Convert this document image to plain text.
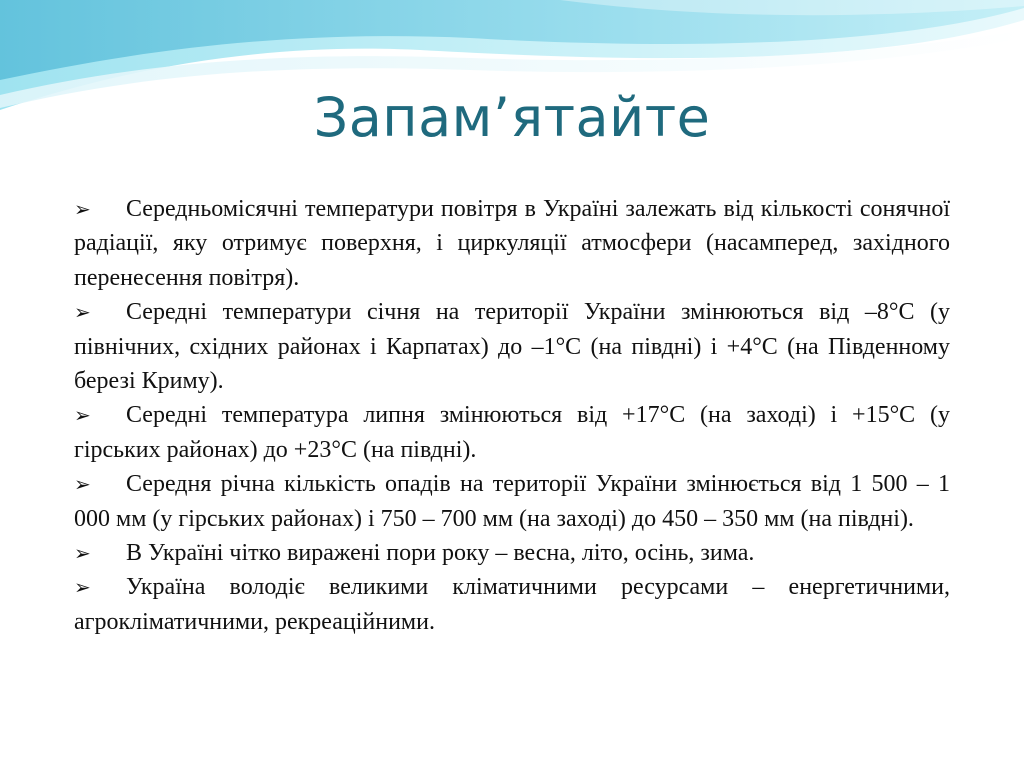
Запам’ятайте

➢ Середньомісячні температури повітря в Україні залежать від кількості сонячної радіації, яку отримує поверхня, і циркуляції атмосфери (насамперед, західного перенесення повітря).

➢ Середні температури січня на території України змінюються від –8°С (у північних, східних районах і Карпатах) до –1°С (на півдні) і +4°С (на Південному березі Криму).

➢ Середні температура липня змінюються від +17°С (на заході) і +15°С (у гірських районах) до +23°С (на півдні).

➢ Середня річна кількість опадів на території України змінюється від 1 500 – 1 000 мм (у гірських районах) і 750 – 700 мм (на заході) до 450 – 350 мм (на півдні).

➢ В Україні чітко виражені пори року – весна, літо, осінь, зима.

➢ Україна володіє великими кліматичними ресурсами – енергетичними, агрокліматичними, рекреаційними.
